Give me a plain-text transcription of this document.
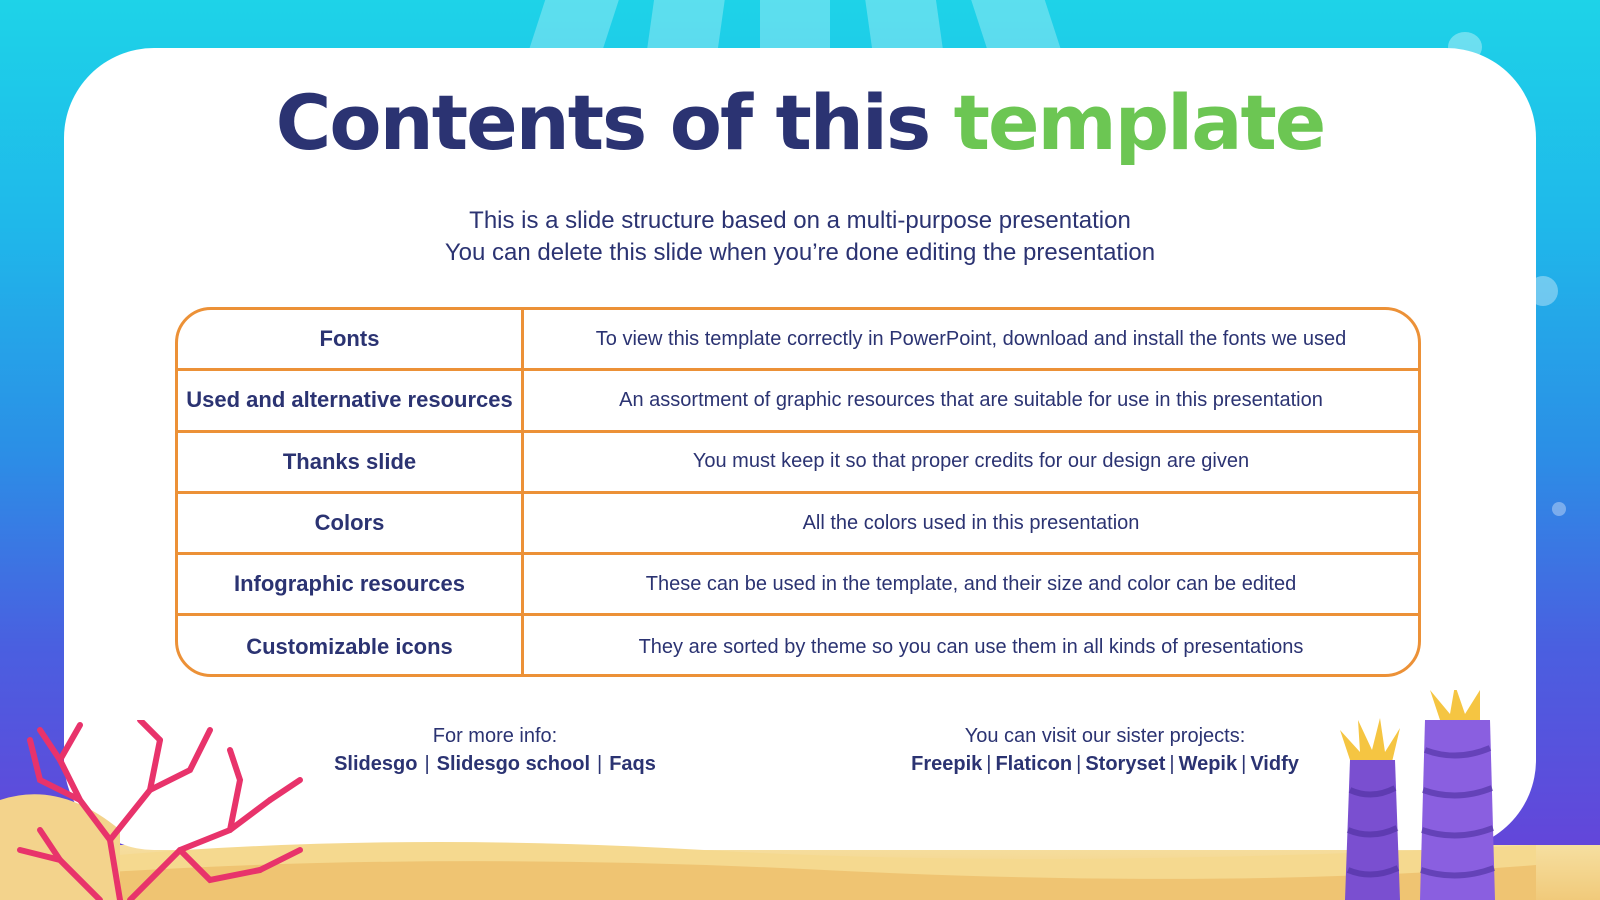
Contents of this template
This is a slide structure based on a multi-purpose presentation
You can delete this slide when you’re done editing the presentation
Fonts	To view this template correctly in PowerPoint, download and install the fonts we used
Used and alternative resources	An assortment of graphic resources that are suitable for use in this presentation
Thanks slide	You must keep it so that proper credits for our design are given
Colors	All the colors used in this presentation
Infographic resources	These can be used in the template, and their size and color can be edited
Customizable icons	They are sorted by theme so you can use them in all kinds of presentations
For more info:
Slidesgo | Slidesgo school | Faqs
You can visit our sister projects:
Freepik | Flaticon | Storyset | Wepik | Vidfy
